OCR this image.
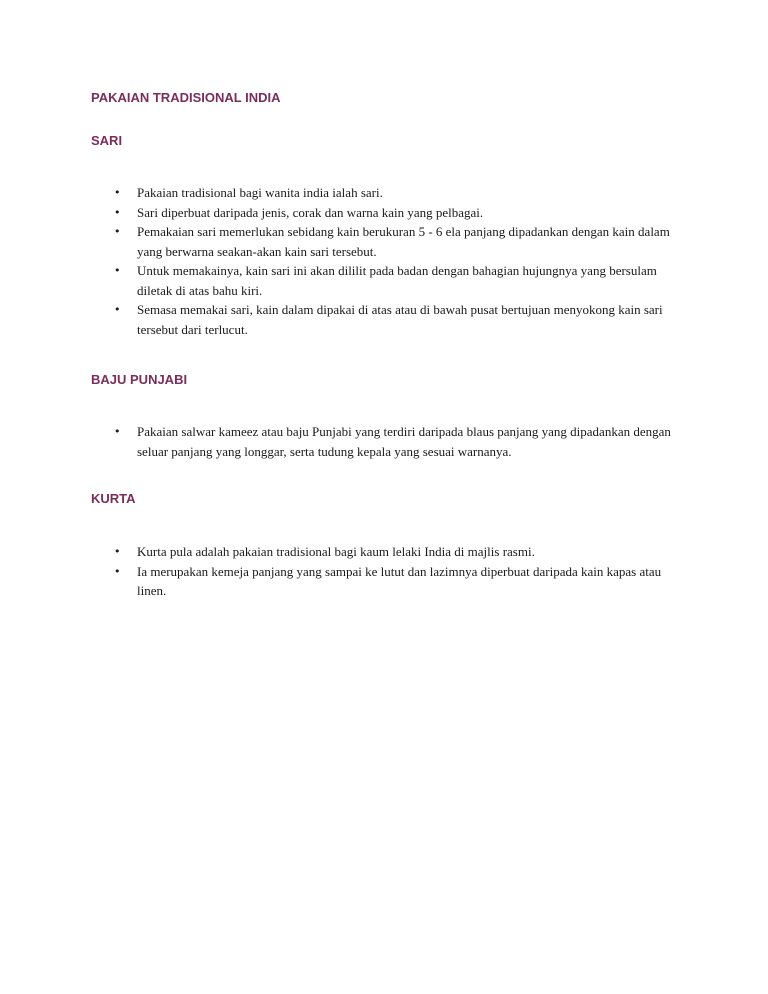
PAKAIAN TRADISIONAL INDIA
SARI
• Pakaian tradisional bagi wanita india ialah sari.
• Sari diperbuat daripada jenis, corak dan warna kain yang pelbagai.
• Pemakaian sari memerlukan sebidang kain berukuran 5 - 6 ela panjang dipadankan dengan kain dalam yang berwarna seakan-akan kain sari tersebut.
• Untuk memakainya, kain sari ini akan dililit pada badan dengan bahagian hujungnya yang bersulam diletak di atas bahu kiri.
• Semasa memakai sari, kain dalam dipakai di atas atau di bawah pusat bertujuan menyokong kain sari tersebut dari terlucut.
BAJU PUNJABI
• Pakaian salwar kameez atau baju Punjabi yang terdiri daripada blaus panjang yang dipadankan dengan seluar panjang yang longgar, serta tudung kepala yang sesuai warnanya.
KURTA
• Kurta pula adalah pakaian tradisional bagi kaum lelaki India di majlis rasmi.
• Ia merupakan kemeja panjang yang sampai ke lutut dan lazimnya diperbuat daripada kain kapas atau linen.
